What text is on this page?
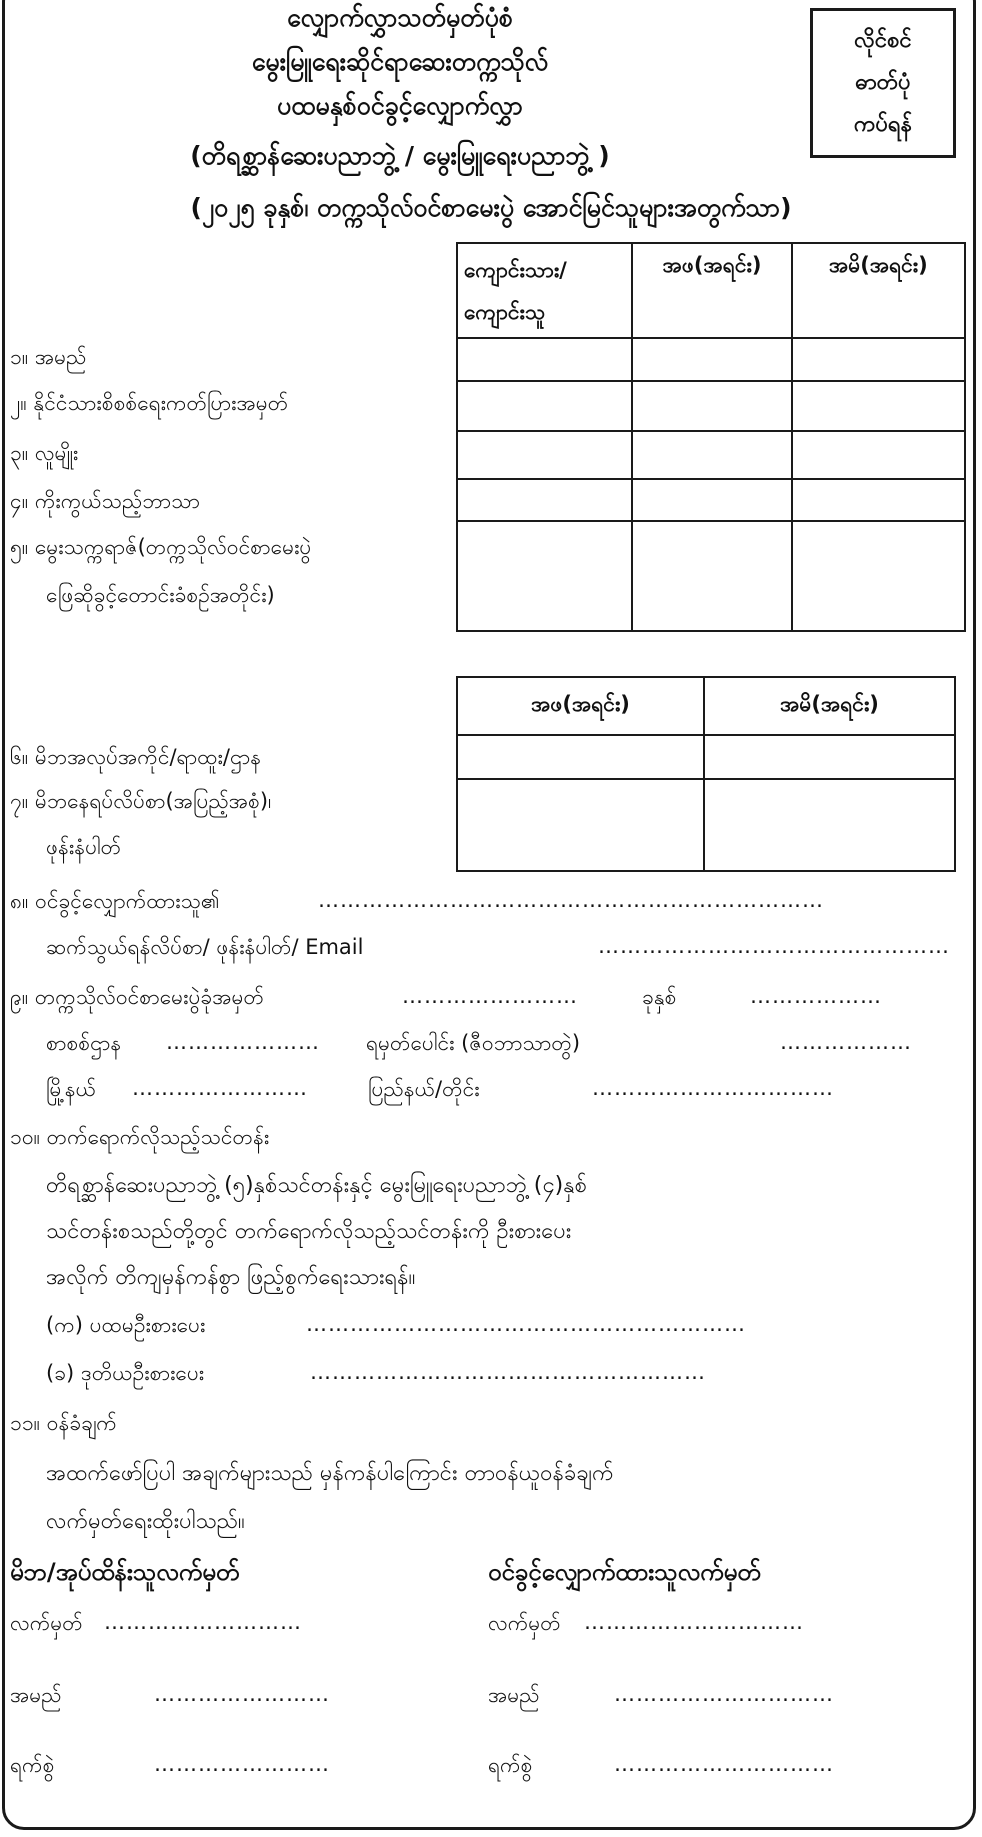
လျှောက်လွှာသတ်မှတ်ပုံစံ
မွေးမြူရေးဆိုင်ရာဆေးတက္ကသိုလ်
ပထမနှစ်ဝင်ခွင့်လျှောက်လွှာ
(တိရစ္ဆာန်ဆေးပညာဘွဲ့ / မွေးမြူရေးပညာဘွဲ့ )
(၂၀၂၅ ခုနှစ်၊ တက္ကသိုလ်ဝင်စာမေးပွဲ အောင်မြင်သူများအတွက်သာ)
လိုင်စင်
ဓာတ်ပုံ
ကပ်ရန်
ကျောင်းသား/ ကျောင်းသူ	အဖ(အရင်း)	အမိ(အရင်း)

၁။ အမည်
၂။ နိုင်ငံသားစိစစ်ရေးကတ်ပြားအမှတ်
၃။ လူမျိုး
၄။ ကိုးကွယ်သည့်ဘာသာ
၅။ မွေးသက္ကရာဇ်(တက္ကသိုလ်ဝင်စာမေးပွဲ
ဖြေဆိုခွင့်တောင်းခံစဉ်အတိုင်း)
အဖ(အရင်း)	အမိ(အရင်း)

၆။ မိဘအလုပ်အကိုင်/ရာထူး/ဌာန
၇။ မိဘနေရပ်လိပ်စာ(အပြည့်အစုံ)၊
ဖုန်းနံပါတ်
၈။ ဝင်ခွင့်လျှောက်ထားသူ၏	……………………………………………………………
ဆက်သွယ်ရန်လိပ်စာ/ ဖုန်းနံပါတ်/ Email	…………………………………………
၉။ တက္ကသိုလ်ဝင်စာမေးပွဲခုံအမှတ်	……………………	ခုနှစ်	………………
စာစစ်ဌာန ………………… ရမှတ်ပေါင်း (ဇီဝဘာသာတွဲ)	………………
မြို့နယ် ……………………	ပြည်နယ်/တိုင်း	……………………………
၁၀။ တက်ရောက်လိုသည့်သင်တန်း
တိရစ္ဆာန်ဆေးပညာဘွဲ့ (၅)နှစ်သင်တန်းနှင့် မွေးမြူရေးပညာဘွဲ့ (၄)နှစ်
သင်တန်းစသည်တို့တွင် တက်ရောက်လိုသည့်သင်တန်းကို ဦးစားပေး
အလိုက် တိကျမှန်ကန်စွာ ဖြည့်စွက်ရေးသားရန်။
(က) ပထမဦးစားပေး	……………………………………………………
(ခ) ဒုတိယဦးစားပေး	………………………………………………
၁၁။ ဝန်ခံချက်
အထက်ဖော်ပြပါ အချက်များသည် မှန်ကန်ပါကြောင်း တာဝန်ယူဝန်ခံချက်
လက်မှတ်ရေးထိုးပါသည်။
မိဘ/အုပ်ထိန်းသူလက်မှတ်	ဝင်ခွင့်လျှောက်ထားသူလက်မှတ်
လက်မှတ် ………………………	လက်မှတ် …………………………
အမည်	……………………	အမည်	…………………………
ရက်စွဲ	……………………	ရက်စွဲ	…………………………
